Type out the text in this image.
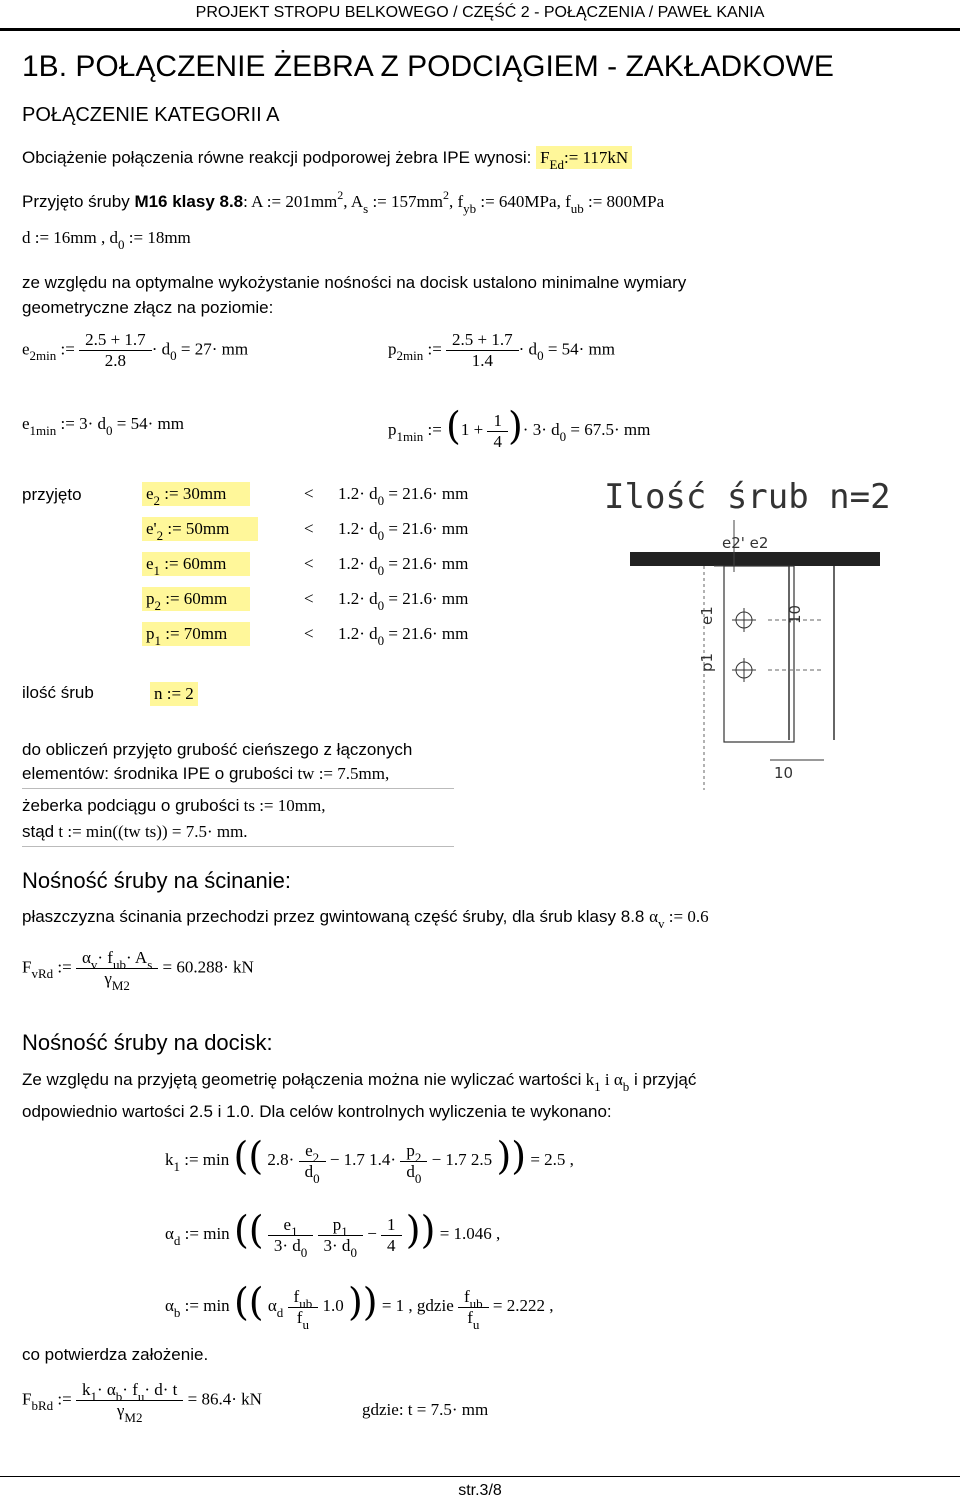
PROJEKT STROPU BELKOWEGO / CZĘŚĆ 2 - POŁĄCZENIA / PAWEŁ KANIA
1B. POŁĄCZENIE ŻEBRA Z PODCIĄGIEM - ZAKŁADKOWE
POŁĄCZENIE KATEGORII A
Obciążenie połączenia równe reakcji podporowej żebra IPE wynosi: $F_{Ed}:= 117kN$
Przyjęto śruby M16 klasy 8.8: A := $201mm^2$, $A_s$ := $157mm^2$, $f_{yb}$ := 640MPa, $f_{ub}$ := 800MPa
d := 16mm , $d_0$ := 18mm
ze względu na optymalne wykożystanie nośności na docisk ustalono minimalne wymiary
geometryczne złącz na poziomie:
$e_{2min}$ := $\frac{2.5 + 1.7}{2.8} \cdot d_0 = 27\cdot$ mm	$p_{2min}$ := $\frac{2.5 + 1.7}{1.4} \cdot d_0 = 54\cdot$ mm
$e_{1min}$ := $3\cdot d_0 = 54\cdot$ mm	$p_{1min}$ := ($1 + \frac{1}{4}$ )· $3\cdot d_0 = 67.5\cdot$ mm
przyjęto	$e_2$ := 30mm	< $1.2\cdot d_0 = 21.6\cdot$ mm
$e'_2$ := 50mm	< $1.2\cdot d_0 = 21.6\cdot$ mm
$e_1$ := 60mm	< $1.2\cdot d_0 = 21.6\cdot$ mm
$p_2$ := 60mm	< $1.2\cdot d_0 = 21.6\cdot$ mm
$p_1$ := 70mm	< $1.2\cdot d_0 = 21.6\cdot$ mm
ilość śrub	n := 2
Ilość śrub n=2
e2' e2
p1
e1	10
10
do obliczeń przyjęto grubość cieńszego z łączonych
elementów: środnika IPE o grubości tw := 7.5mm,
żeberka podciągu o grubości ts := 10mm,
stąd t := min((tw ts)) = 7.5· mm.
Nośność śruby na ścinanie:
płaszczyzna ścinania przechodzi przez gwintowaną część śruby, dla śrub klasy 8.8 $\alpha_v$ := 0.6
$F_{vRd}$ := $\frac{\alpha_v\cdot f_{ub}\cdot A_s}{\gamma_{M2}} = 60.288\cdot$ kN
Nośność śruby na docisk:
Ze względu na przyjętą geometrię połączenia można nie wyliczać wartości $k_1$ i $\alpha_b$ i przyjąć
odpowiednio wartości 2.5 i 1.0. Dla celów kontrolnych wyliczenia te wykonano:
$k_1$ := min (( $2.8\cdot \frac{e_2}{d_0} - 1.7$ $1.4\cdot \frac{p_2}{d_0} - 1.7$ 2.5 )) = 2.5 ,
$\alpha_d$ := min (( $\frac{e_1}{3\cdot d_0}$
$\frac{p_1}{3\cdot d_0} - \frac{1}{4}$ )) = 1.046 ,
$\alpha_b$ := min (( $\alpha_d \frac{f_{ub}}{f_u} 1.0$ )) = 1 , gdzie $\frac{f_{ub}}{f_u} = 2.222$ ,
co potwierdza założenie.
$F_{bRd}$ := $\frac{k_1\cdot \alpha_b\cdot f_u\cdot d\cdot t}{\gamma_{M2}} = 86.4\cdot$ kN
gdzie: t = 7.5· mm
str.3/8
